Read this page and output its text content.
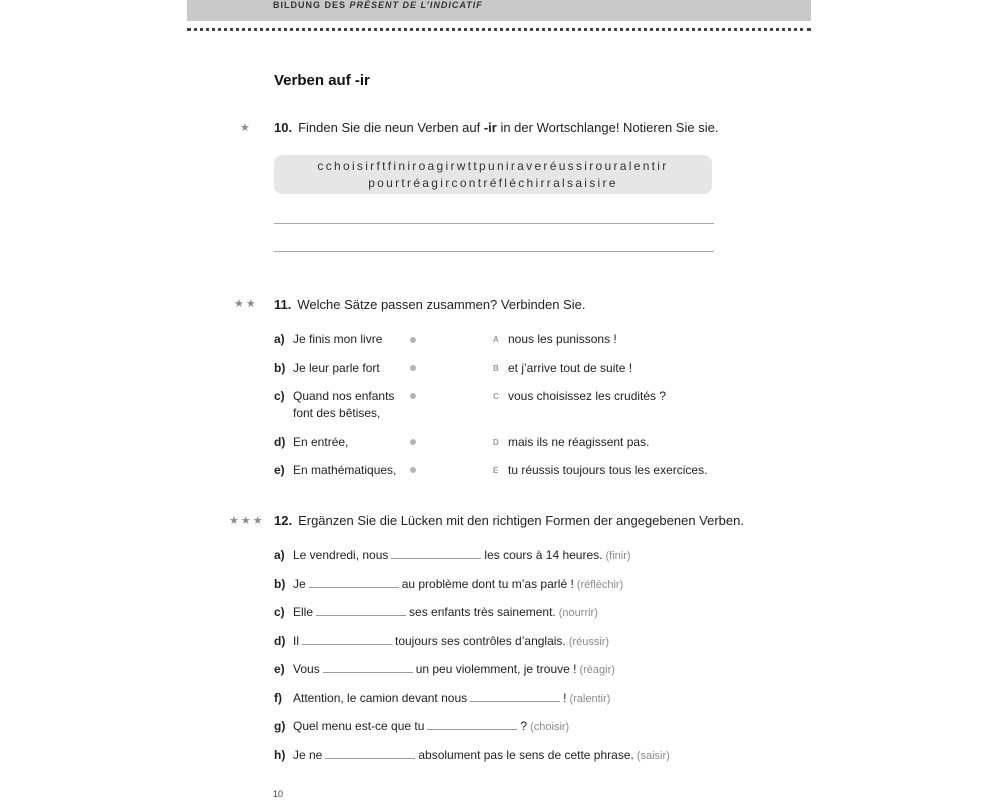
BILDUNG DES PRÉSENT DE L’INDICATIF
Verben auf -ir
★ 10. Finden Sie die neun Verben auf -ir in der Wortschlange! Notieren Sie sie.
cchoisirftfiniroagirwttpuniraveréussirouralentir
pourtréagircontréfléchirralsaisire
★★ 11. Welche Sätze passen zusammen? Verbinden Sie.
a) Je finis mon livre
b) Je leur parle fort
c) Quand nos enfants
font des bêtises,
d) En entrée,
e) En mathématiques,
A nous les punissons !
B et j’arrive tout de suite !
C vous choisissez les crudités ?
D mais ils ne réagissent pas.
E tu réussis toujours tous les exercices.
★★★ 12. Ergänzen Sie die Lücken mit den richtigen Formen der angegebenen Verben.
a) Le vendredi, nous	les cours à 14 heures. (finir)
b) Je	au problème dont tu m’as parlé ! (réfléchir)
c) Elle	ses enfants très sainement. (nourrir)
d) Il	toujours ses contrôles d’anglais. (réussir)
e) Vous	un peu violemment, je trouve ! (réagir)
f) Attention, le camion devant nous	! (ralentir)
g) Quel menu est-ce que tu	? (choisir)
h) Je ne	absolument pas le sens de cette phrase. (saisir)
10
